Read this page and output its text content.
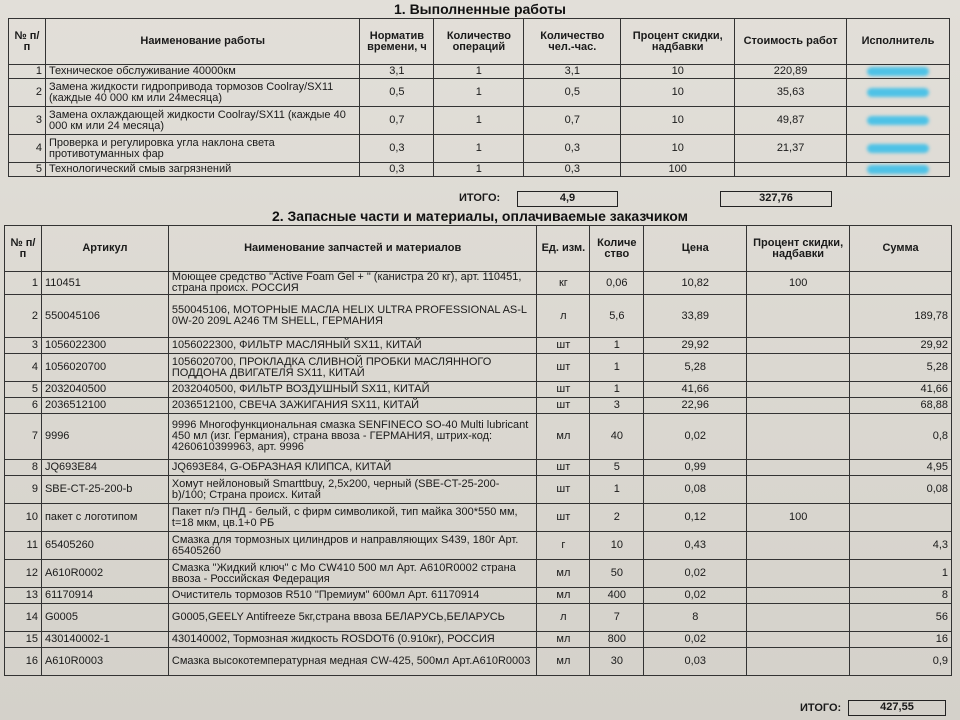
1. Выполненные работы
№ п/п	Наименование работы	Норматив времени, ч	Количество операций	Количество чел.-час.	Процент скидки, надбавки	Стоимость работ	Исполнитель
1	Техническое обслуживание 40000км	3,1	1	3,1	10	220,89	
2	Замена жидкости гидропривода тормозов Coolray/SX11 (каждые 40 000 км или 24месяца)	0,5	1	0,5	10	35,63	
3	Замена охлаждающей жидкости Coolray/SX11 (каждые 40 000 км или 24 месяца)	0,7	1	0,7	10	49,87	
4	Проверка и регулировка угла наклона света противотуманных фар	0,3	1	0,3	10	21,37	
5	Технологический смыв загрязнений	0,3	1	0,3	100		
ИТОГО:	4,9	327,76
2. Запасные части и материалы, оплачиваемые заказчиком
№ п/п	Артикул	Наименование запчастей и материалов	Ед. изм.	Количе ство	Цена	Процент скидки, надбавки	Сумма
1	110451	Моющее средство "Active Foam Gel + " (канистра 20 кг), арт. 110451, страна происх. РОССИЯ	кг	0,06	10,82	100	
2	550045106	550045106, МОТОРНЫЕ МАСЛА HELIX ULTRA PROFESSIONAL AS-L 0W-20 209L A246 TM SHELL, ГЕРМАНИЯ	л	5,6	33,89		189,78
3	1056022300	1056022300, ФИЛЬТР МАСЛЯНЫЙ SX11, КИТАЙ	шт	1	29,92		29,92
4	1056020700	1056020700, ПРОКЛАДКА СЛИВНОЙ ПРОБКИ МАСЛЯННОГО ПОДДОНА ДВИГАТЕЛЯ SX11, КИТАЙ	шт	1	5,28		5,28
5	2032040500	2032040500, ФИЛЬТР ВОЗДУШНЫЙ SX11, КИТАЙ	шт	1	41,66		41,66
6	2036512100	2036512100, СВЕЧА ЗАЖИГАНИЯ SX11, КИТАЙ	шт	3	22,96		68,88
7	9996	9996 Многофункциональная смазка SENFINECO SO-40 Multi lubricant 450 мл (изг. Германия), страна ввоза - ГЕРМАНИЯ, штрих-код: 4260610399963, арт. 9996	мл	40	0,02		0,8
8	JQ693E84	JQ693E84, G-ОБРАЗНАЯ КЛИПСА, КИТАЙ	шт	5	0,99		4,95
9	SBE-CT-25-200-b	Хомут нейлоновый Smarttbuy, 2,5x200, черный (SBE-CT-25-200-b)/100; Страна происх. Китай	шт	1	0,08		0,08
10	пакет с логотипом	Пакет п/э ПНД - белый, с фирм символикой, тип майка 300*550 мм, t=18 мкм, цв.1+0 РБ	шт	2	0,12	100	
11	65405260	Смазка для тормозных цилиндров и направляющих S439, 180г Арт. 65405260	г	10	0,43		4,3
12	A610R0002	Смазка "Жидкий ключ" с Mo CW410 500 мл Арт. A610R0002 страна ввоза - Российская Федерация	мл	50	0,02		1
13	61170914	Очиститель тормозов R510 "Премиум" 600мл Арт. 61170914	мл	400	0,02		8
14	G0005	G0005,GEELY Antifreeze 5кг,страна ввоза БЕЛАРУСЬ,БЕЛАРУСЬ	л	7	8		56
15	430140002-1	430140002, Тормозная жидкость ROSDOT6 (0.910кг), РОССИЯ	мл	800	0,02		16
16	A610R0003	Смазка высокотемпературная медная CW-425, 500мл Арт.A610R0003	мл	30	0,03		0,9
ИТОГО:	427,55
